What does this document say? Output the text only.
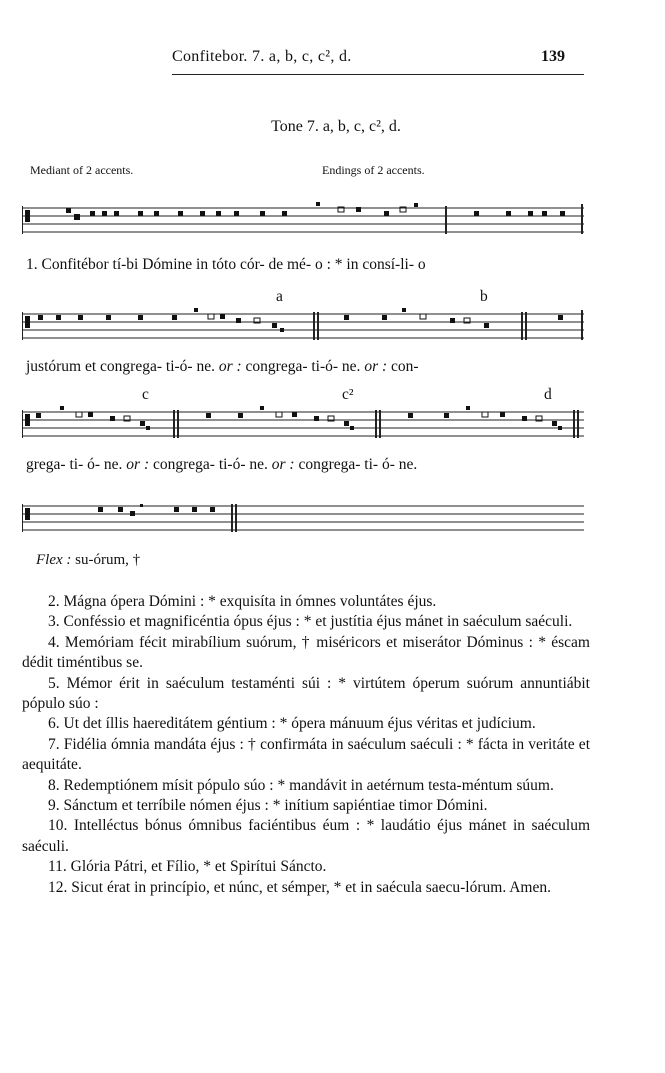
Confitebor. 7. a, b, c, c², d.	139
Tone 7. a, b, c, c², d.
Mediant of 2 accents.	Endings of 2 accents.
1. Confitébor tí-bi Dómine in tóto cór- de mé- o : * in consí-li- o
a	b
justórum et congrega- ti-ó- ne. or : congrega- ti-ó- ne. or : con-
c	c²	d
grega- ti- ó- ne. or : congrega- ti-ó- ne. or : congrega- ti- ó- ne.
Flex : su-órum, †

2. Mágna ópera Dómini : * exquisíta in ómnes voluntátes éjus.

3. Conféssio et magnificéntia ópus éjus : * et justítia éjus mánet in saéculum saéculi.

4. Memóriam fécit mirabílium suórum, † miséricors et miserátor Dóminus : * éscam dédit timéntibus se.

5. Mémor érit in saéculum testaménti súi : * virtútem óperum suórum annuntiábit pópulo súo :

6. Ut det íllis haereditátem géntium : * ópera mánuum éjus véritas et judícium.

7. Fidélia ómnia mandáta éjus : † confirmáta in saéculum saéculi : * fácta in veritáte et aequitáte.

8. Redemptiónem mísit pópulo súo : * mandávit in aetérnum testa-méntum súum.

9. Sánctum et terríbile nómen éjus : * inítium sapiéntiae timor Dómini.

10. Intelléctus bónus ómnibus faciéntibus éum : * laudátio éjus mánet in saéculum saéculi.

11. Glória Pátri, et Fílio, * et Spirítui Sáncto.

12. Sicut érat in princípio, et núnc, et sémper, * et in saécula saecu-lórum. Amen.
